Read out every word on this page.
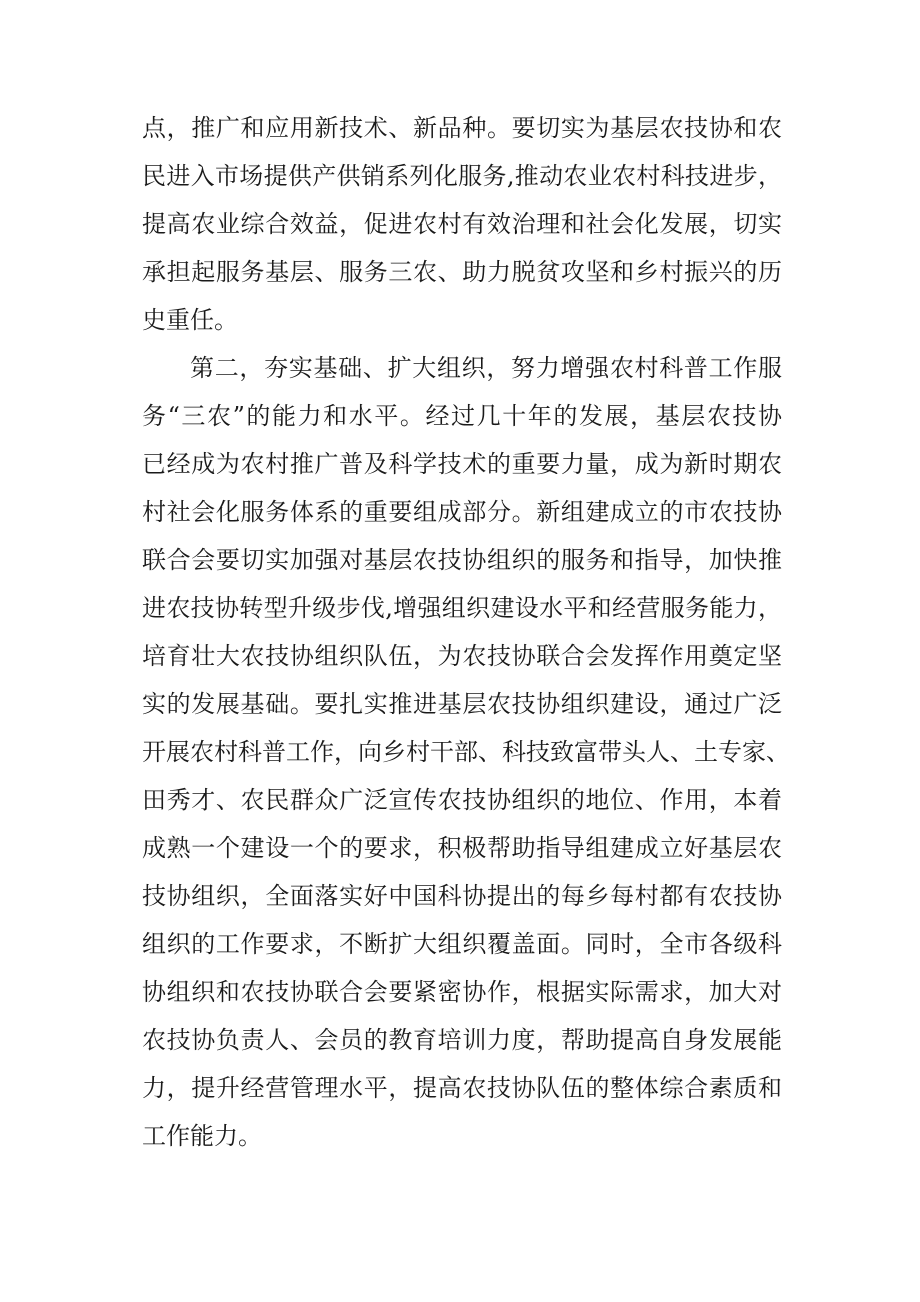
点，推广和应用新技术、新品种。要切实为基层农技协和农
民进入市场提供产供销系列化服务,推动农业农村科技进步，
提高农业综合效益，促进农村有效治理和社会化发展，切实
承担起服务基层、服务三农、助力脱贫攻坚和乡村振兴的历
史重任。
第二，夯实基础、扩大组织，努力增强农村科普工作服
务“三农”的能力和水平。经过几十年的发展，基层农技协
已经成为农村推广普及科学技术的重要力量，成为新时期农
村社会化服务体系的重要组成部分。新组建成立的市农技协
联合会要切实加强对基层农技协组织的服务和指导，加快推
进农技协转型升级步伐,增强组织建设水平和经营服务能力，
培育壮大农技协组织队伍，为农技协联合会发挥作用奠定坚
实的发展基础。要扎实推进基层农技协组织建设，通过广泛
开展农村科普工作，向乡村干部、科技致富带头人、土专家、
田秀才、农民群众广泛宣传农技协组织的地位、作用，本着
成熟一个建设一个的要求，积极帮助指导组建成立好基层农
技协组织，全面落实好中国科协提出的每乡每村都有农技协
组织的工作要求，不断扩大组织覆盖面。同时，全市各级科
协组织和农技协联合会要紧密协作，根据实际需求，加大对
农技协负责人、会员的教育培训力度，帮助提高自身发展能
力，提升经营管理水平，提高农技协队伍的整体综合素质和
工作能力。
